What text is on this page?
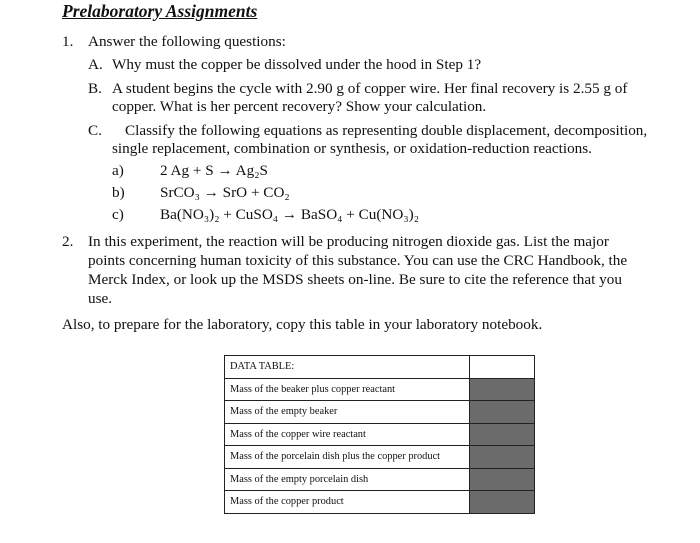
Prelaboratory Assignments
1. Answer the following questions:
A. Why must the copper be dissolved under the hood in Step 1?
B. A student begins the cycle with 2.90 g of copper wire. Her final recovery is 2.55 g of
copper. What is her percent recovery? Show your calculation.
C. Classify the following equations as representing double displacement, decomposition,
single replacement, combination or synthesis, or oxidation-reduction reactions.
a) 2 Ag + S → Ag₂S
b) SrCO₃ → SrO + CO₂
c) Ba(NO₃)₂ + CuSO₄ → BaSO₄ + Cu(NO₃)₂
2. In this experiment, the reaction will be producing nitrogen dioxide gas. List the major
points concerning human toxicity of this substance. You can use the CRC Handbook, the
Merck Index, or look up the MSDS sheets on-line. Be sure to cite the reference that you
use.
Also, to prepare for the laboratory, copy this table in your laboratory notebook.
DATA TABLE:	
Mass of the beaker plus copper reactant	
Mass of the empty beaker	
Mass of the copper wire reactant	
Mass of the porcelain dish plus the copper product	
Mass of the empty porcelain dish	
Mass of the copper product	
